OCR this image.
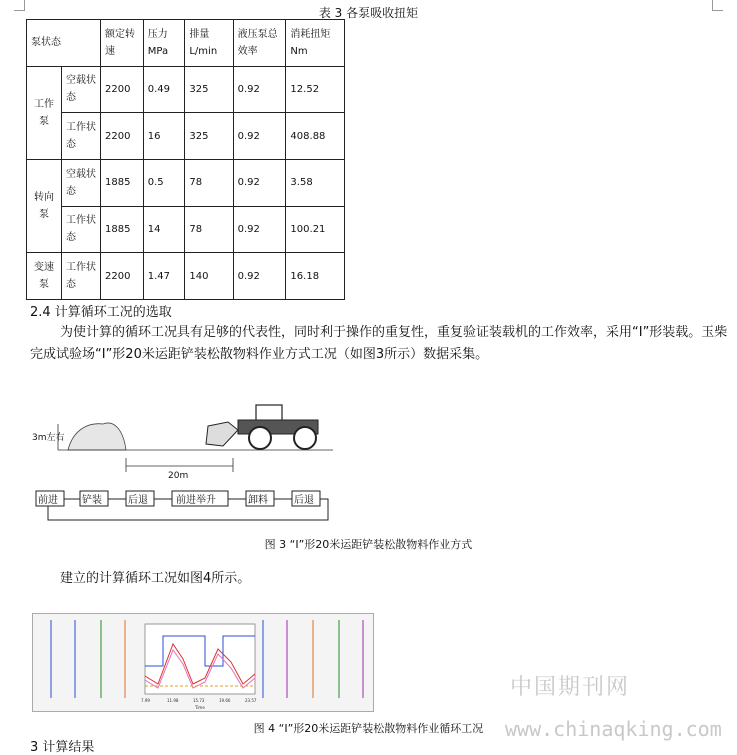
表 3 各泵吸收扭矩
泵状态		额定转速	压力MPa	排量L/min	液压泵总效率	消耗扭矩 Nm
工作泵	空载状态	2200	0.49	325	0.92	12.52
	工作状态	2200	16	325	0.92	408.88
转向泵	空载状态	1885	0.5	78	0.92	3.58
	工作状态	1885	14	78	0.92	100.21
变速泵	工作状态	2200	1.47	140	0.92	16.18
2.4 计算循环工况的选取
为使计算的循环工况具有足够的代表性，同时利于操作的重复性，重复验证装载机的工作效率，采用“Ⅰ”形装载。玉柴完成试验场“Ⅰ”形20米运距铲装松散物料作业方式工况（如图3所示）数据采集。
3m左右
20m
前进 铲装	后退	前进举升	卸料	后退
图 3 “Ⅰ”形20米运距铲装松散物料作业方式
建立的计算循环工况如图4所示。
7.99	11.98	15.73	19.66	23.57
Time
图 4 “Ⅰ”形20米运距铲装松散物料作业循环工况
中国期刊网
www.chinaqking.com
3 计算结果
